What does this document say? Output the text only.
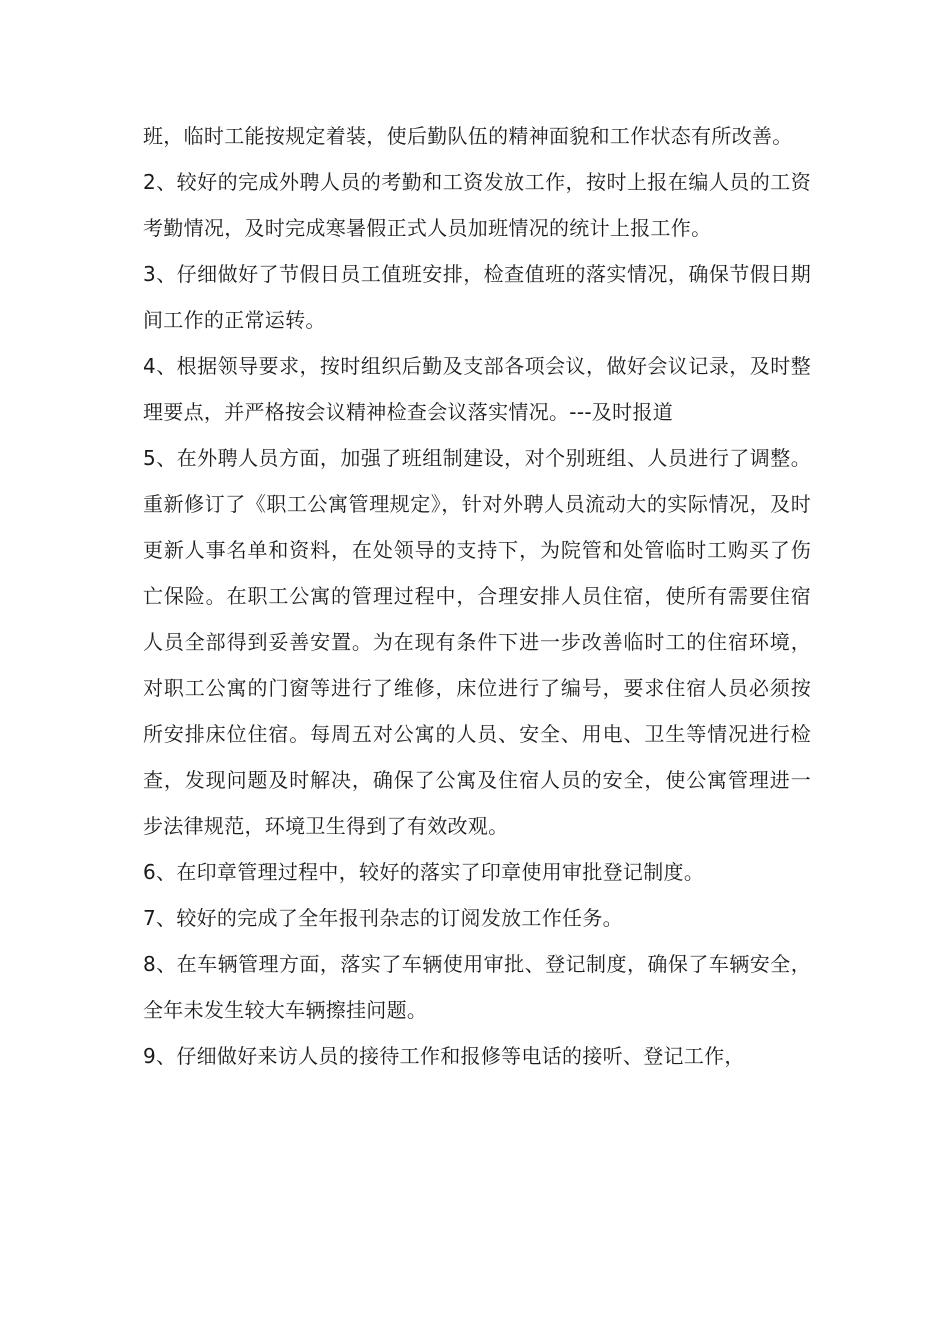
班，临时工能按规定着装，使后勤队伍的精神面貌和工作状态有所改善。

2、较好的完成外聘人员的考勤和工资发放工作，按时上报在编人员的工资考勤情况，及时完成寒暑假正式人员加班情况的统计上报工作。

3、仔细做好了节假日员工值班安排，检查值班的落实情况，确保节假日期间工作的正常运转。

4、根据领导要求，按时组织后勤及支部各项会议，做好会议记录，及时整理要点，并严格按会议精神检查会议落实情况。---及时报道

5、在外聘人员方面，加强了班组制建设，对个别班组、人员进行了调整。重新修订了《职工公寓管理规定》，针对外聘人员流动大的实际情况，及时更新人事名单和资料，在处领导的支持下，为院管和处管临时工购买了伤亡保险。在职工公寓的管理过程中，合理安排人员住宿，使所有需要住宿人员全部得到妥善安置。为在现有条件下进一步改善临时工的住宿环境，对职工公寓的门窗等进行了维修，床位进行了编号，要求住宿人员必须按所安排床位住宿。每周五对公寓的人员、安全、用电、卫生等情况进行检查，发现问题及时解决，确保了公寓及住宿人员的安全，使公寓管理进一步法律规范，环境卫生得到了有效改观。

6、在印章管理过程中，较好的落实了印章使用审批登记制度。

7、较好的完成了全年报刊杂志的订阅发放工作任务。

8、在车辆管理方面，落实了车辆使用审批、登记制度，确保了车辆安全，全年未发生较大车辆擦挂问题。

9、仔细做好来访人员的接待工作和报修等电话的接听、登记工作，
